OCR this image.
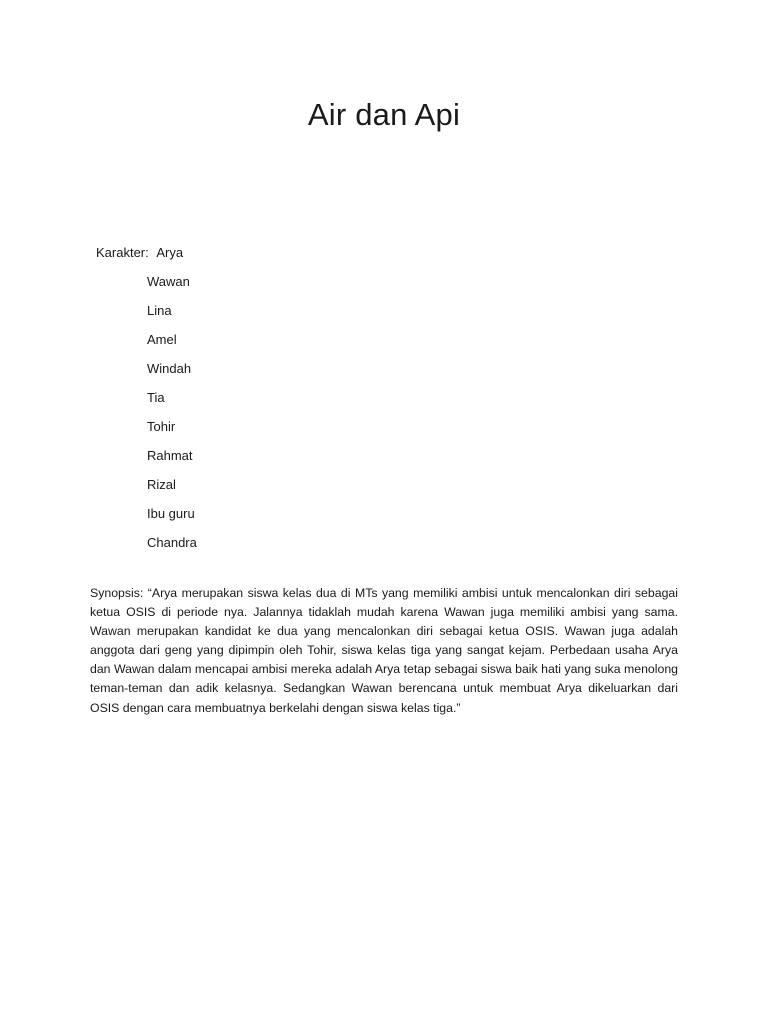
Air dan Api
Karakter: Arya
Wawan
Lina
Amel
Windah
Tia
Tohir
Rahmat
Rizal
Ibu guru
Chandra

Synopsis: “Arya merupakan siswa kelas dua di MTs yang memiliki ambisi untuk mencalonkan diri sebagai ketua OSIS di periode nya. Jalannya tidaklah mudah karena Wawan juga memiliki ambisi yang sama. Wawan merupakan kandidat ke dua yang mencalonkan diri sebagai ketua OSIS. Wawan juga adalah anggota dari geng yang dipimpin oleh Tohir, siswa kelas tiga yang sangat kejam. Perbedaan usaha Arya dan Wawan dalam mencapai ambisi mereka adalah Arya tetap sebagai siswa baik hati yang suka menolong teman-teman dan adik kelasnya. Sedangkan Wawan berencana untuk membuat Arya dikeluarkan dari OSIS dengan cara membuatnya berkelahi dengan siswa kelas tiga.”
